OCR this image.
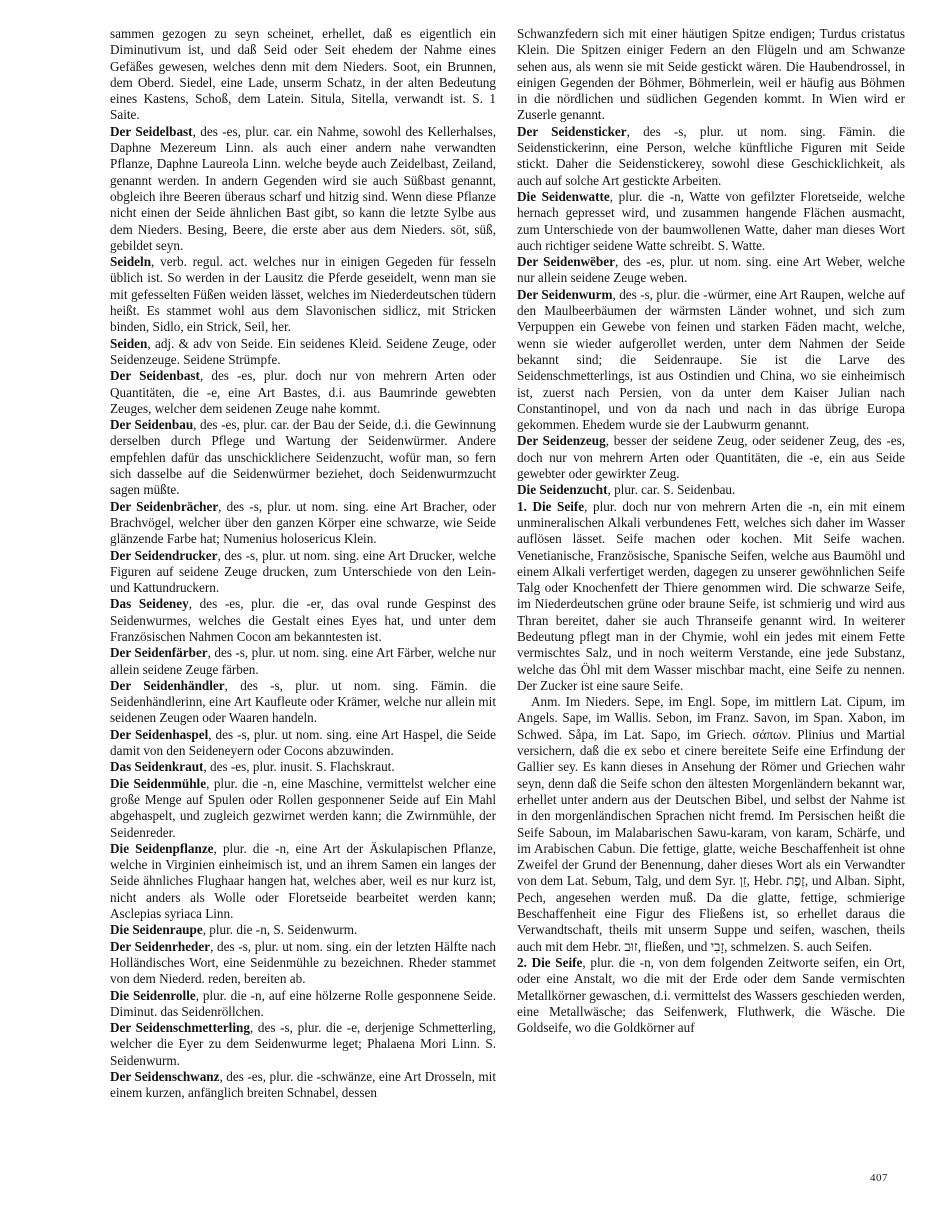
sammen gezogen zu seyn scheinet, erhellet, daß es eigentlich ein Diminutivum ist, und daß Seid oder Seit ehedem der Nahme eines Gefäßes gewesen, welches denn mit dem Nieders. Soot, ein Brunnen, dem Oberd. Siedel, eine Lade, unserm Schatz, in der alten Bedeutung eines Kastens, Schoß, dem Latein. Situla, Sitella, verwandt ist. S. 1 Saite.

Der Seidelbast, des -es, plur. car. ein Nahme, sowohl des Kellerhalses, Daphne Mezereum Linn. als auch einer andern nahe verwandten Pflanze, Daphne Laureola Linn. welche beyde auch Zeidelbast, Zeiland, genannt werden. In andern Gegenden wird sie auch Süßbast genannt, obgleich ihre Beeren überaus scharf und hitzig sind. Wenn diese Pflanze nicht einen der Seide ähnlichen Bast gibt, so kann die letzte Sylbe aus dem Nieders. Besing, Beere, die erste aber aus dem Nieders. söt, süß, gebildet seyn.

Seideln, verb. regul. act. welches nur in einigen Gegeden für fesseln üblich ist. So werden in der Lausitz die Pferde geseidelt, wenn man sie mit gefesselten Füßen weiden lässet, welches im Niederdeutschen tüdern heißt. Es stammet wohl aus dem Slavonischen sidlicz, mit Stricken binden, Sidlo, ein Strick, Seil, her.

Seiden, adj. & adv von Seide. Ein seidenes Kleid. Seidene Zeuge, oder Seidenzeuge. Seidene Strümpfe.

Der Seidenbast, des -es, plur. doch nur von mehrern Arten oder Quantitäten, die -e, eine Art Bastes, d.i. aus Baumrinde gewebten Zeuges, welcher dem seidenen Zeuge nahe kommt.

Der Seidenbau, des -es, plur. car. der Bau der Seide, d.i. die Gewinnung derselben durch Pflege und Wartung der Seidenwürmer. Andere empfehlen dafür das unschicklichere Seidenzucht, wofür man, so fern sich dasselbe auf die Seidenwürmer beziehet, doch Seidenwurmzucht sagen müßte.

Der Seidenbrächer, des -s, plur. ut nom. sing. eine Art Bracher, oder Brachvögel, welcher über den ganzen Körper eine schwarze, wie Seide glänzende Farbe hat; Numenius holosericus Klein.

Der Seidendrucker, des -s, plur. ut nom. sing. eine Art Drucker, welche Figuren auf seidene Zeuge drucken, zum Unterschiede von den Lein- und Kattundruckern.

Das Seideney, des -es, plur. die -er, das oval runde Gespinst des Seidenwurmes, welches die Gestalt eines Eyes hat, und unter dem Französischen Nahmen Cocon am bekanntesten ist.

Der Seidenfärber, des -s, plur. ut nom. sing. eine Art Färber, welche nur allein seidene Zeuge färben.

Der Seidenhändler, des -s, plur. ut nom. sing. Fämin. die Seidenhändlerinn, eine Art Kaufleute oder Krämer, welche nur allein mit seidenen Zeugen oder Waaren handeln.

Der Seidenhaspel, des -s, plur. ut nom. sing. eine Art Haspel, die Seide damit von den Seideneyern oder Cocons abzuwinden.

Das Seidenkraut, des -es, plur. inusit. S. Flachskraut.

Die Seidenmühle, plur. die -n, eine Maschine, vermittelst welcher eine große Menge auf Spulen oder Rollen gesponnener Seide auf Ein Mahl abgehaspelt, und zugleich gezwirnet werden kann; die Zwirnmühle, der Seidenreder.

Die Seidenpflanze, plur. die -n, eine Art der Äskulapischen Pflanze, welche in Virginien einheimisch ist, und an ihrem Samen ein langes der Seide ähnliches Flughaar hangen hat, welches aber, weil es nur kurz ist, nicht anders als Wolle oder Floretseide bearbeitet werden kann; Asclepias syriaca Linn.

Die Seidenraupe, plur. die -n, S. Seidenwurm.

Der Seidenrheder, des -s, plur. ut nom. sing. ein der letzten Hälfte nach Holländisches Wort, eine Seidenmühle zu bezeichnen. Rheder stammet von dem Niederd. reden, bereiten ab.

Die Seidenrolle, plur. die -n, auf eine hölzerne Rolle gesponnene Seide. Diminut. das Seidenröllchen.

Der Seidenschmetterling, des -s, plur. die -e, derjenige Schmetterling, welcher die Eyer zu dem Seidenwurme leget; Phalaena Mori Linn. S. Seidenwurm.

Der Seidenschwanz, des -es, plur. die -schwänze, eine Art Drosseln, mit einem kurzen, anfänglich breiten Schnabel, dessen

Schwanzfedern sich mit einer häutigen Spitze endigen; Turdus cristatus Klein. Die Spitzen einiger Federn an den Flügeln und am Schwanze sehen aus, als wenn sie mit Seide gestickt wären. Die Haubendrossel, in einigen Gegenden der Böhmer, Böhmerlein, weil er häufig aus Böhmen in die nördlichen und südlichen Gegenden kommt. In Wien wird er Zuserle genannt.

Der Seidensticker, des -s, plur. ut nom. sing. Fämin. die Seidenstickerinn, eine Person, welche künftliche Figuren mit Seide stickt. Daher die Seidenstickerey, sowohl diese Geschicklichkeit, als auch auf solche Art gestickte Arbeiten.

Die Seidenwatte, plur. die -n, Watte von gefilzter Floretseide, welche hernach gepresset wird, und zusammen hangende Flächen ausmacht, zum Unterschiede von der baumwollenen Watte, daher man dieses Wort auch richtiger seidene Watte schreibt. S. Watte.

Der Seidenwëber, des -es, plur. ut nom. sing. eine Art Weber, welche nur allein seidene Zeuge weben.

Der Seidenwurm, des -s, plur. die -würmer, eine Art Raupen, welche auf den Maulbeerbäumen der wärmsten Länder wohnet, und sich zum Verpuppen ein Gewebe von feinen und starken Fäden macht, welche, wenn sie wieder aufgerollet werden, unter dem Nahmen der Seide bekannt sind; die Seidenraupe. Sie ist die Larve des Seidenschmetterlings, ist aus Ostindien und China, wo sie einheimisch ist, zuerst nach Persien, von da unter dem Kaiser Julian nach Constantinopel, und von da nach und nach in das übrige Europa gekommen. Ehedem wurde sie der Laubwurm genannt.

Der Seidenzeug, besser der seidene Zeug, oder seidener Zeug, des -es, doch nur von mehrern Arten oder Quantitäten, die -e, ein aus Seide gewebter oder gewirkter Zeug.

Die Seidenzucht, plur. car. S. Seidenbau.

1. Die Seife, plur. doch nur von mehrern Arten die -n, ein mit einem unmineralischen Alkali verbundenes Fett, welches sich daher im Wasser auflösen lässet. Seife machen oder kochen. Mit Seife wachen. Venetianische, Französische, Spanische Seifen, welche aus Baumöhl und einem Alkali verfertiget werden, dagegen zu unserer gewöhnlichen Seife Talg oder Knochenfett der Thiere genommen wird. Die schwarze Seife, im Niederdeutschen grüne oder braune Seife, ist schmierig und wird aus Thran bereitet, daher sie auch Thranseife genannt wird. In weiterer Bedeutung pflegt man in der Chymie, wohl ein jedes mit einem Fette vermischtes Salz, und in noch weiterm Verstande, eine jede Substanz, welche das Öhl mit dem Wasser mischbar macht, eine Seife zu nennen. Der Zucker ist eine saure Seife.

Anm. Im Nieders. Sepe, im Engl. Sope, im mittlern Lat. Cipum, im Angels. Sape, im Wallis. Sebon, im Franz. Savon, im Span. Xabon, im Schwed. Såpa, im Lat. Sapo, im Griech. σάπων. Plinius und Martial versichern, daß die ex sebo et cinere bereitete Seife eine Erfindung der Gallier sey. Es kann dieses in Ansehung der Römer und Griechen wahr seyn, denn daß die Seife schon den ältesten Morgenländern bekannt war, erhellet unter andern aus der Deutschen Bibel, und selbst der Nahme ist in den morgenländischen Sprachen nicht fremd. Im Persischen heißt die Seife Saboun, im Malabarischen Sawu-karam, von karam, Schärfe, und im Arabischen Cabun. Die fettige, glatte, weiche Beschaffenheit ist ohne Zweifel der Grund der Benennung, daher dieses Wort als ein Verwandter von dem Lat. Sebum, Talg, und dem Syr. זֵן, Hebr. זֶפֶת, und Alban. Sipht, Pech, angesehen werden muß. Da die glatte, fettige, schmierige Beschaffenheit eine Figur des Fließens ist, so erhellet daraus die Verwandtschaft, theils mit unserm Suppe und seifen, waschen, theils auch mit dem Hebr. זוּב, fließen, und זָבִי, schmelzen. S. auch Seifen.

2. Die Seife, plur. die -n, von dem folgenden Zeitworte seifen, ein Ort, oder eine Anstalt, wo die mit der Erde oder dem Sande vermischten Metallkörner gewaschen, d.i. vermittelst des Wassers geschieden werden, eine Metallwäsche; das Seifenwerk, Fluthwerk, die Wäsche. Die Goldseife, wo die Goldkörner auf

407
